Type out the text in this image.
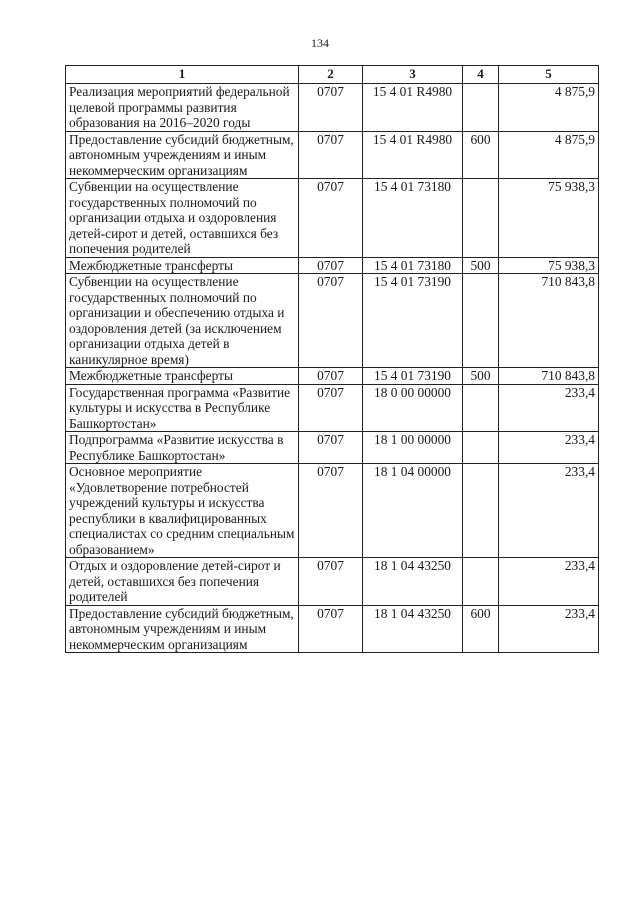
134
1	2	3	4	5
Реализация мероприятий федеральной целевой программы развития образования на 2016–2020 годы	0707	15 4 01 R4980		4 875,9
Предоставление субсидий бюджетным, автономным учреждениям и иным некоммерческим организациям	0707	15 4 01 R4980	600	4 875,9
Субвенции на осуществление государственных полномочий по организации отдыха и оздоровления детей-сирот и детей, оставшихся без попечения родителей	0707	15 4 01 73180		75 938,3
Межбюджетные трансферты	0707	15 4 01 73180	500	75 938,3
Субвенции на осуществление государственных полномочий по организации и обеспечению отдыха и оздоровления детей (за исключением организации отдыха детей в каникулярное время)	0707	15 4 01 73190		710 843,8
Межбюджетные трансферты	0707	15 4 01 73190	500	710 843,8
Государственная программа «Развитие культуры и искусства в Республике Башкортостан»	0707	18 0 00 00000		233,4
Подпрограмма «Развитие искусства в Республике Башкортостан»	0707	18 1 00 00000		233,4
Основное мероприятие «Удовлетворение потребностей учреждений культуры и искусства республики в квалифицированных специалистах со средним специальным образованием»	0707	18 1 04 00000		233,4
Отдых и оздоровление детей-сирот и детей, оставшихся без попечения родителей	0707	18 1 04 43250		233,4
Предоставление субсидий бюджетным, автономным учреждениям и иным некоммерческим организациям	0707	18 1 04 43250	600	233,4
